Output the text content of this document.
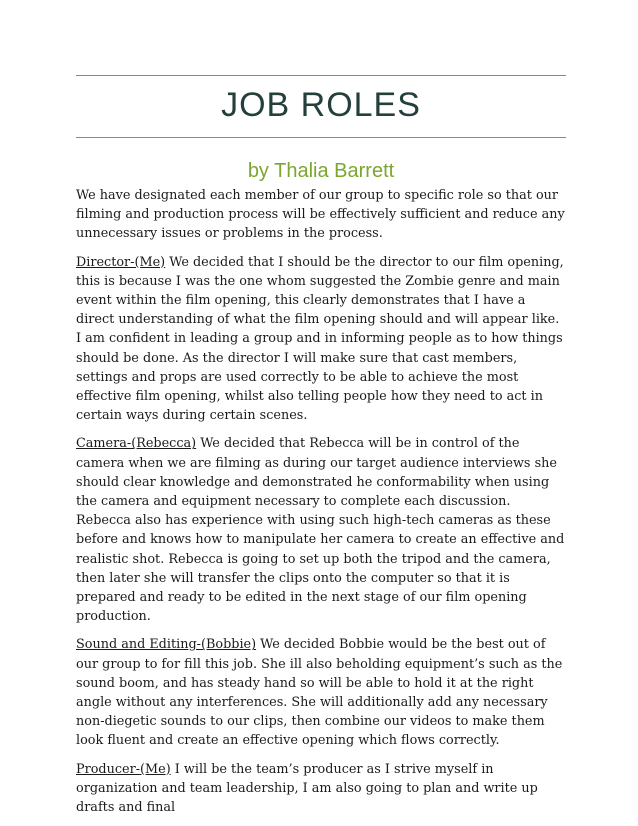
JOB ROLES
by Thalia Barrett

We have designated each member of our group to specific role so that our filming and production process will be effectively sufficient and reduce any unnecessary issues or problems in the process.

Director-(Me) We decided that I should be the director to our film opening, this is because I was the one whom suggested the Zombie genre and main event within the film opening, this clearly demonstrates that I have a direct understanding of what the film opening should and will appear like. I am confident in leading a group and in informing people as to how things should be done. As the director I will make sure that cast members, settings and props are used correctly to be able to achieve the most effective film opening, whilst also telling people how they need to act in certain ways during certain scenes.

Camera-(Rebecca) We decided that Rebecca will be in control of the camera when we are filming as during our target audience interviews she should clear knowledge and demonstrated he conformability when using the camera and equipment necessary to complete each discussion. Rebecca also has experience with using such high-tech cameras as these before and knows how to manipulate her camera to create an effective and realistic shot. Rebecca is going to set up both the tripod and the camera, then later she will transfer the clips onto the computer so that it is prepared and ready to be edited in the next stage of our film opening production.

Sound and Editing-(Bobbie) We decided Bobbie would be the best out of our group to for fill this job. She ill also beholding equipment’s such as the sound boom, and has steady hand so will be able to hold it at the right angle without any interferences. She will additionally add any necessary non-diegetic sounds to our clips, then combine our videos to make them look fluent and create an effective opening which flows correctly.

Producer-(Me) I will be the team’s producer as I strive myself in organization and team leadership, I am also going to plan and write up drafts and final
